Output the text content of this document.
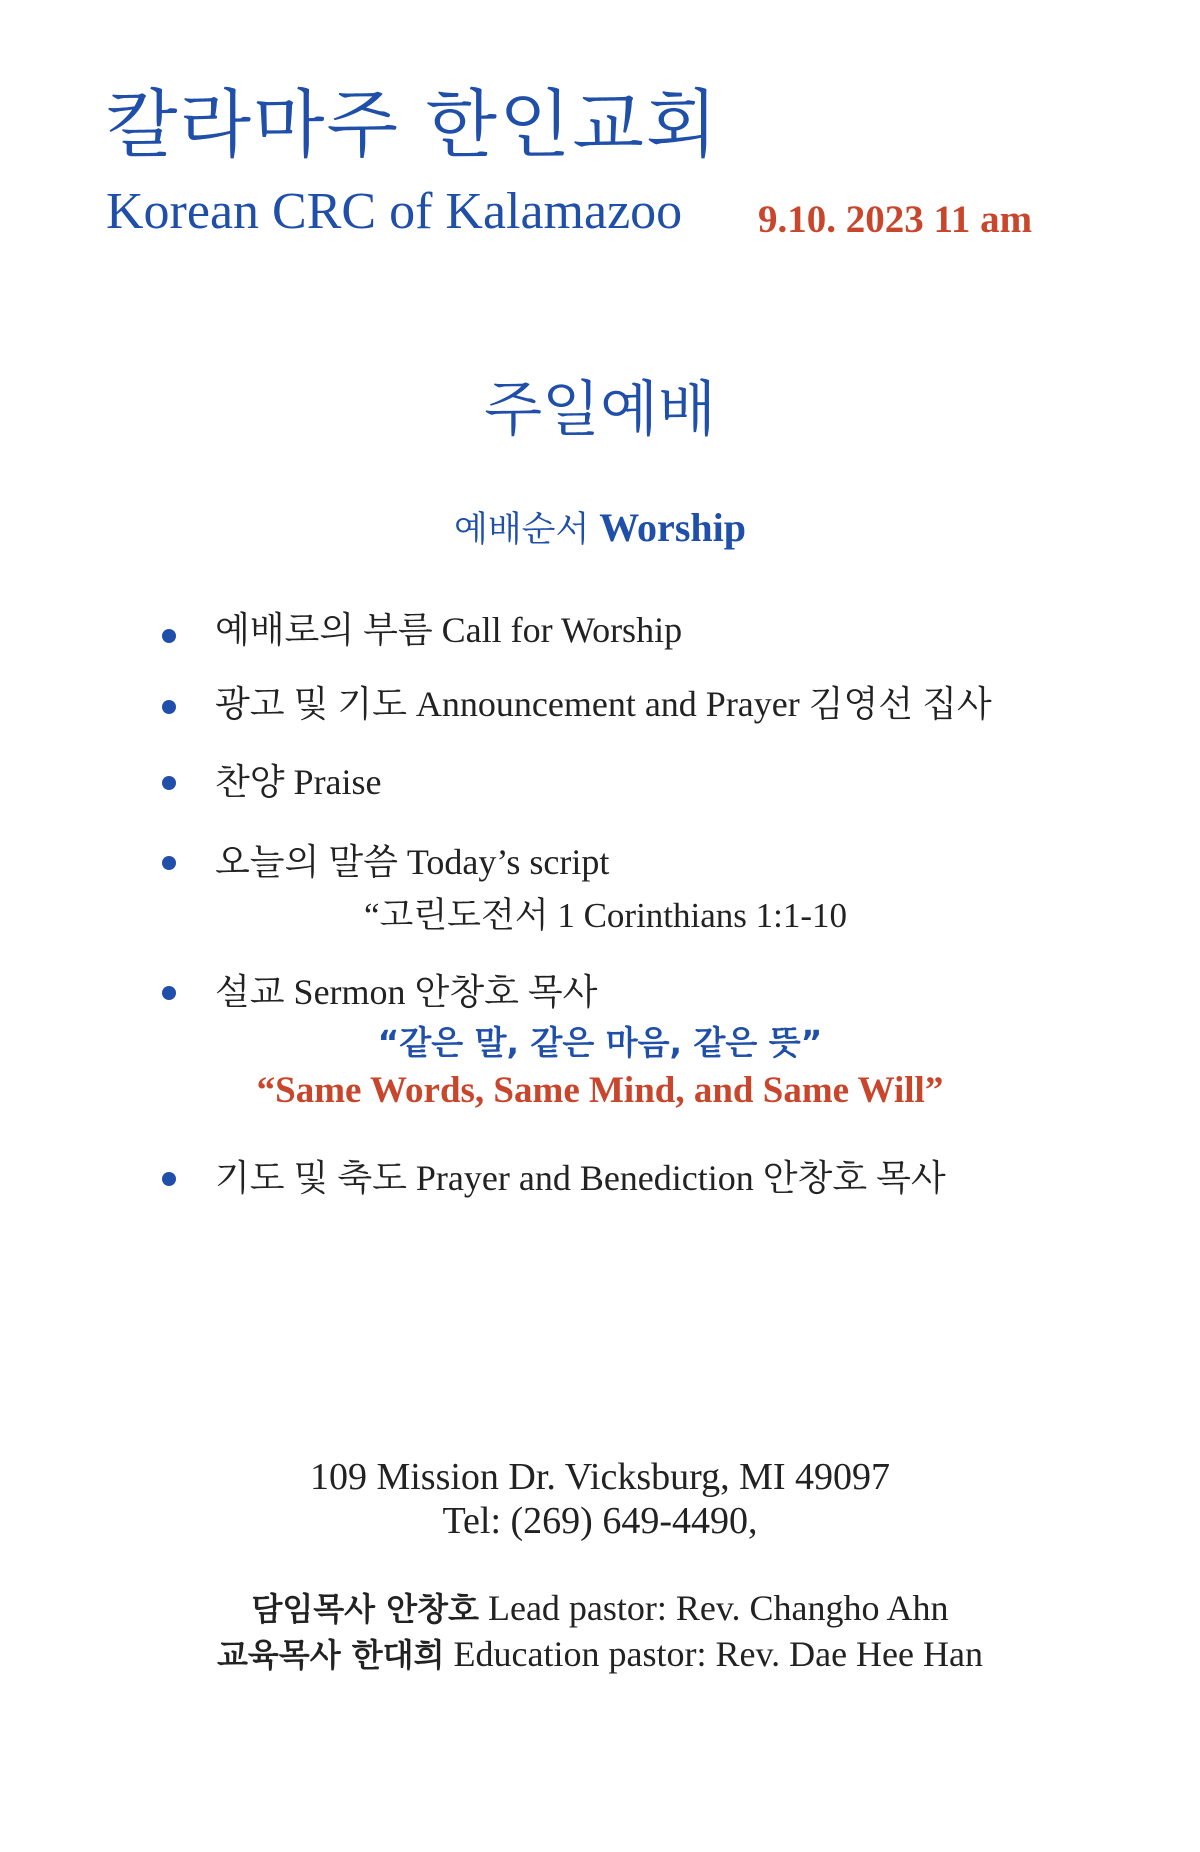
칼라마주 한인교회
Korean CRC of Kalamazoo 9.10. 2023 11 am
주일예배
예배순서 Worship
예배로의 부름 Call for Worship
광고 및 기도 Announcement and Prayer 김영선 집사
찬양 Praise
오늘의 말씀 Today’s script
“고린도전서 1 Corinthians 1:1-10
설교 Sermon 안창호 목사
“같은 말, 같은 마음, 같은 뜻”
“Same Words, Same Mind, and Same Will”
기도 및 축도 Prayer and Benediction 안창호 목사
109 Mission Dr. Vicksburg, MI 49097
Tel: (269) 649-4490,
담임목사 안창호 Lead pastor: Rev. Changho Ahn
교육목사 한대희 Education pastor: Rev. Dae Hee Han
